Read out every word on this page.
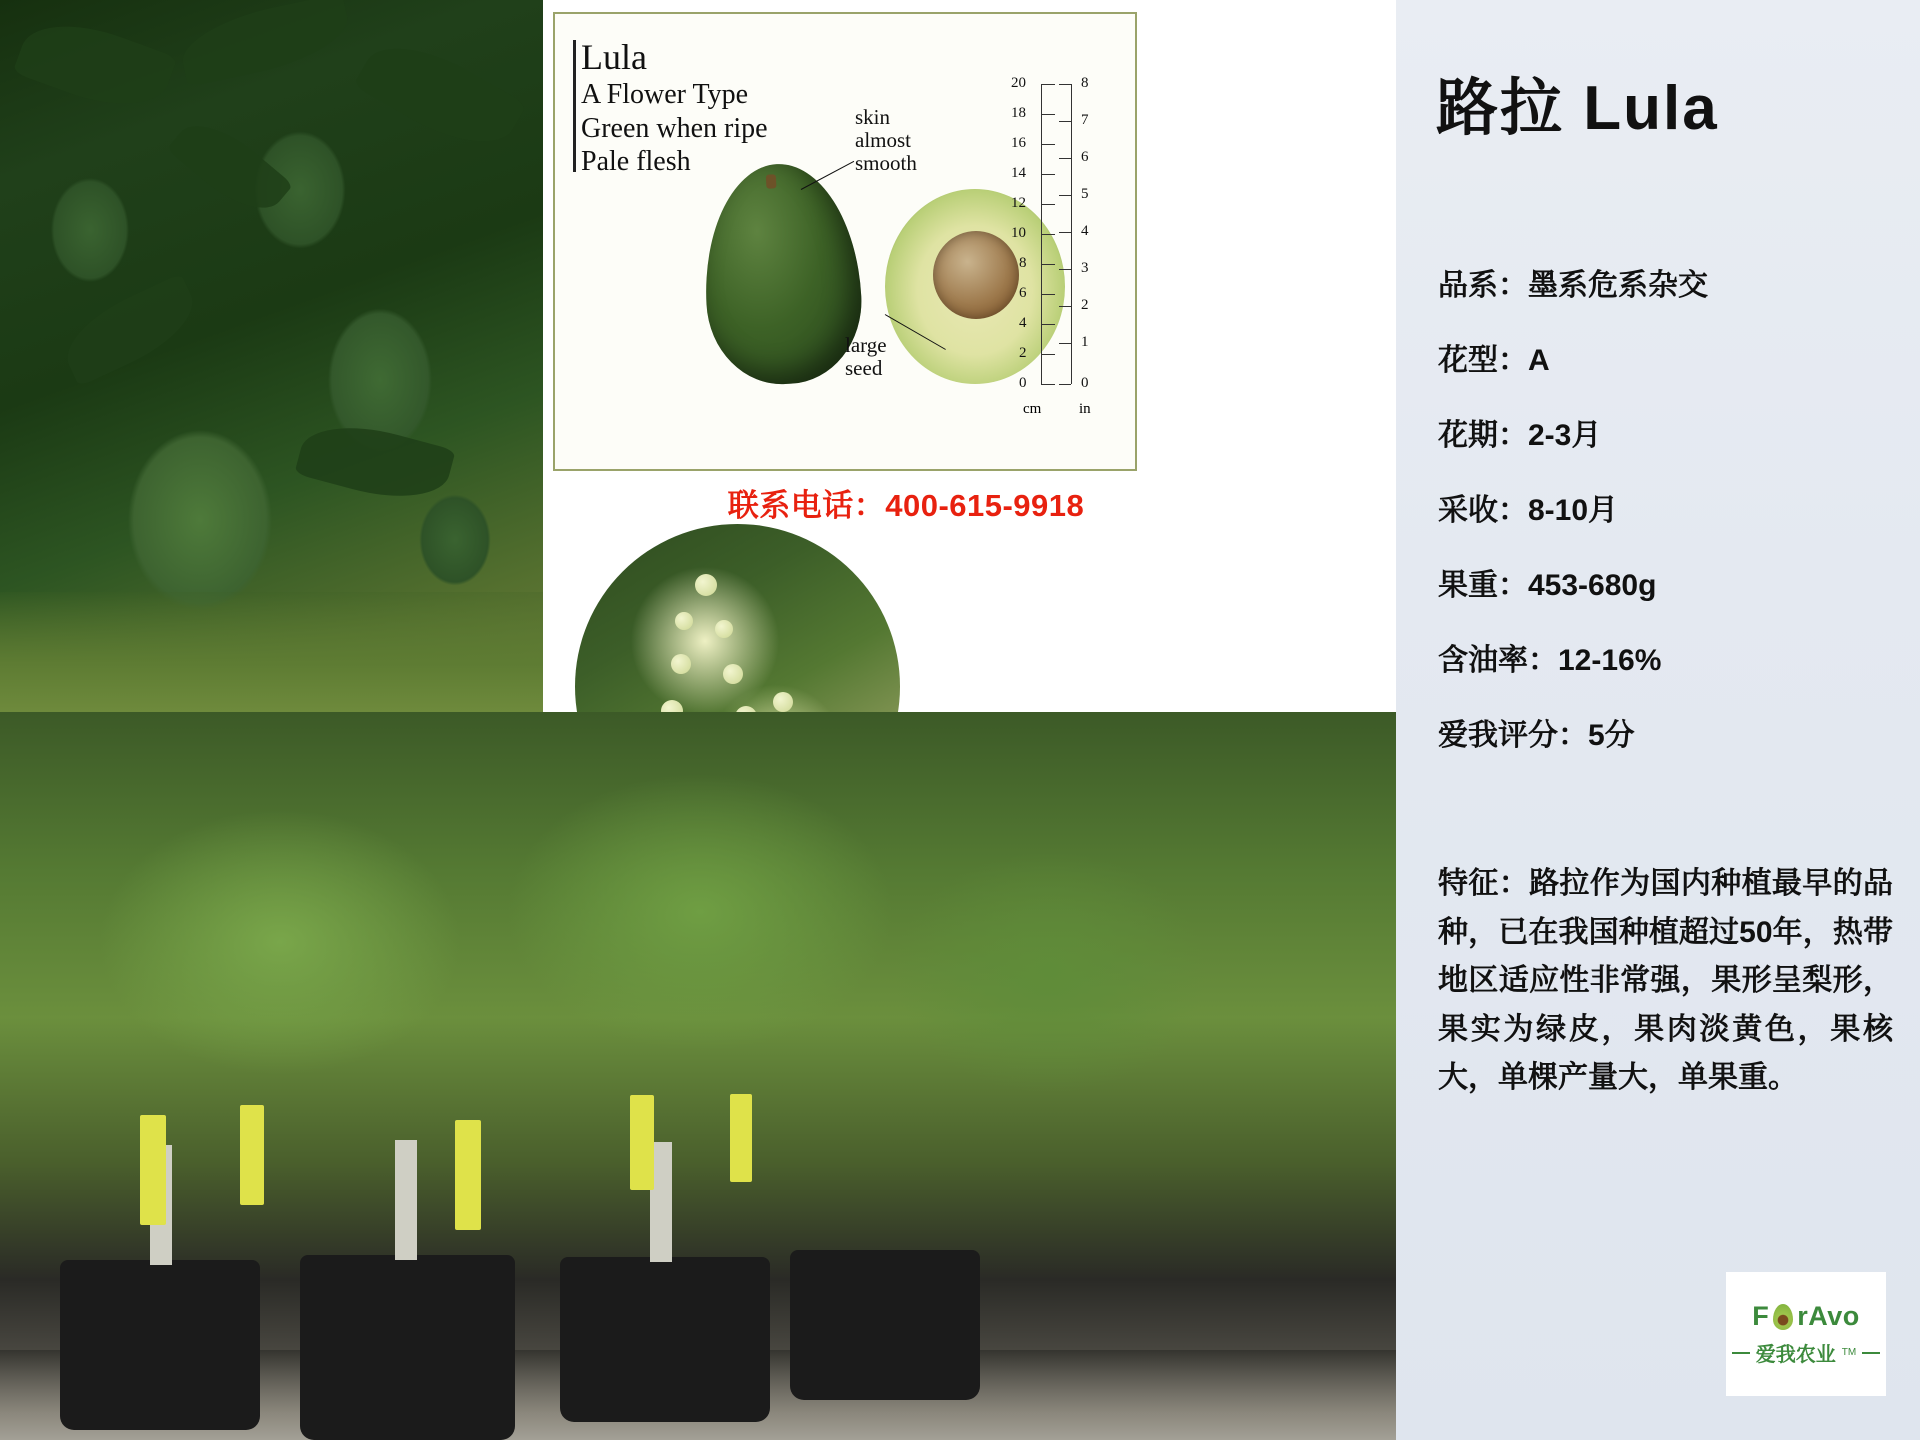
Lula
A Flower Type
Green when ripe
Pale flesh
skin
almost
smooth
large
seed
20
18
16
14
12
10
8
6
4
2
0
8
7
6
5
4
3
2
1
0
cm	in
联系电话：400-615-9918
路拉 Lula
品系：墨系危系杂交
花型：A
花期：2-3月
采收：8-10月
果重：453-680g
含油率：12-16%
爱我评分：5分
特征：路拉作为国内种植最早的品种，已在我国种植超过50年，热带地区适应性非常强，果形呈梨形，果实为绿皮，果肉淡黄色，果核大，单棵产量大，单果重。
F rAvo
爱我农业 TM
